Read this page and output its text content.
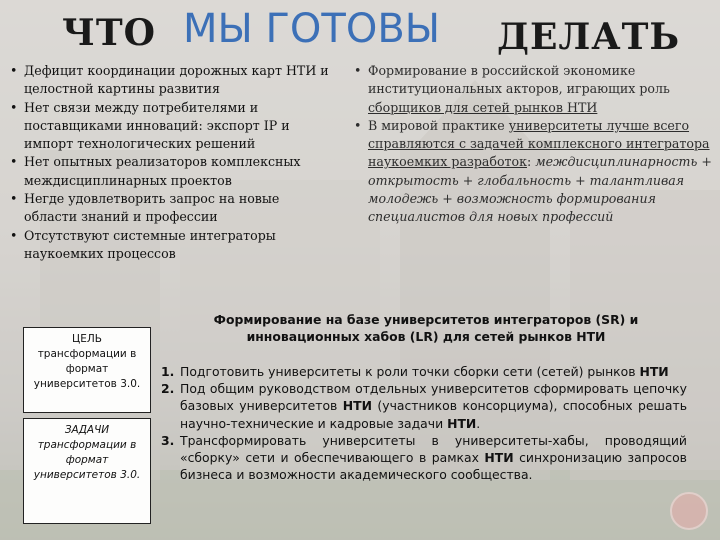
ЧТО МЫ ГОТОВЫ ДЕЛАТЬ
• Дефицит координации дорожных карт НТИ и целостной картины развития
• Нет связи между потребителями и поставщиками инноваций: экспорт IP и импорт технологических решений
• Нет опытных реализаторов комплексных междисциплинарных проектов
• Негде удовлетворить запрос на новые области знаний и профессии
• Отсутствуют системные интеграторы наукоемких процессов
• Формирование в российской экономике институциональных акторов, играющих роль сборщиков для сетей рынков НТИ
• В мировой практике университеты лучше всего справляются с задачей комплексного интегратора наукоемких разработок: междисциплинарность + открытость + глобальность + талантливая молодежь + возможность формирования специалистов для новых профессий
ЦЕЛЬ
трансформации в формат университетов 3.0.
ЗАДАЧИ
трансформации в формат университетов 3.0.
Формирование на базе университетов интеграторов (SR) и инновационных хабов (LR) для сетей рынков НТИ
1. Подготовить университеты к роли точки сборки сети (сетей) рынков НТИ
2. Под общим руководством отдельных университетов сформировать цепочку базовых университетов НТИ (участников консорциума), способных решать научно-технические и кадровые задачи НТИ.
3. Трансформировать университеты в университеты-хабы, проводящий «сборку» сети и обеспечивающего в рамках НТИ синхронизацию запросов бизнеса и возможности академического сообщества.
